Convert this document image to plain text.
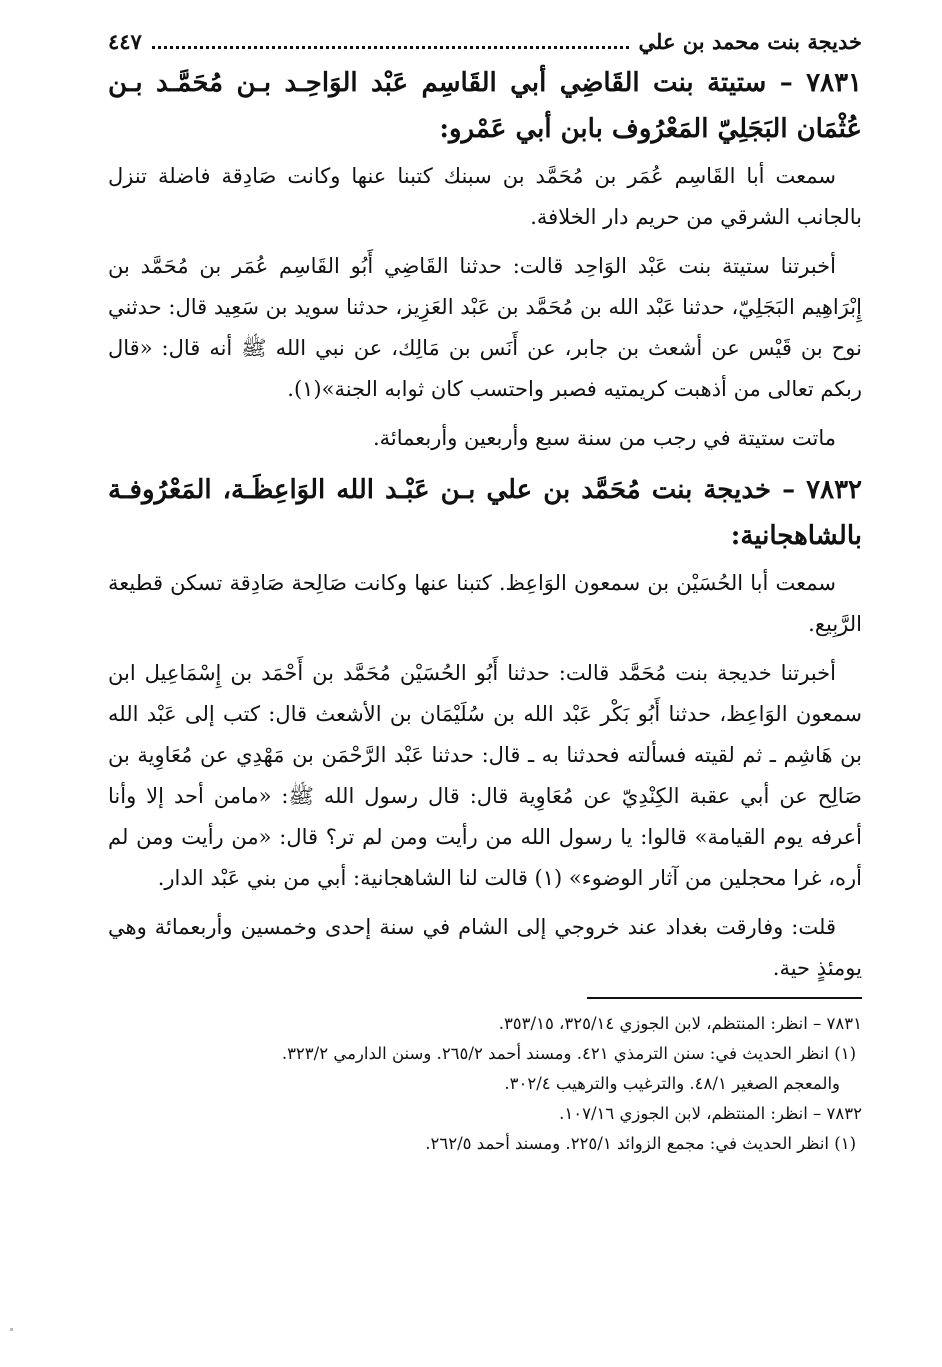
خديجة بنت محمد بن علي
٤٤٧
٧٨٣١ – ستيتة بنت القَاضِي أبي القَاسِم عَبْد الوَاحِـد بـن مُحَمَّـد بـن عُثْمَان البَجَلِيّ المَعْرُوف بابن أبي عَمْرو:

سمعت أبا القَاسِم عُمَر بن مُحَمَّد بن سبنك كتبنا عنها وكانت صَادِقة فاضلة تنزل بالجانب الشرقي من حريم دار الخلافة.

أخبرتنا ستيتة بنت عَبْد الوَاحِد قالت: حدثنا القَاضِي أَبُو القَاسِم عُمَر بن مُحَمَّد بن إِبْرَاهِيم البَجَلِيّ، حدثنا عَبْد الله بن مُحَمَّد بن عَبْد العَزِيز، حدثنا سويد بن سَعِيد قال: حدثني نوح بن قَيْس عن أشعث بن جابر، عن أَنَس بن مَالِك، عن نبي الله ﷺ أنه قال: «قال ربكم تعالى من أذهبت كريمتيه فصبر واحتسب كان ثوابه الجنة»(١).

ماتت ستيتة في رجب من سنة سبع وأربعين وأربعمائة.

٧٨٣٢ – خديجة بنت مُحَمَّد بن علي بـن عَبْـد الله الوَاعِظَـة، المَعْرُوفـة بالشاهجانية:

سمعت أبا الحُسَيْن بن سمعون الوَاعِظ. كتبنا عنها وكانت صَالِحة صَادِقة تسكن قطيعة الرَّبِيع.

أخبرتنا خديجة بنت مُحَمَّد قالت: حدثنا أَبُو الحُسَيْن مُحَمَّد بن أَحْمَد بن إِسْمَاعِيل ابن سمعون الوَاعِظ، حدثنا أَبُو بَكْر عَبْد الله بن سُلَيْمَان بن الأشعث قال: كتب إلى عَبْد الله بن هَاشِم ـ ثم لقيته فسألته فحدثنا به ـ قال: حدثنا عَبْد الرَّحْمَن بن مَهْدِي عن مُعَاوِية بن صَالِح عن أبي عقبة الكِنْدِيّ عن مُعَاوِية قال: قال رسول الله ﷺ: «مامن أحد إلا وأنا أعرفه يوم القيامة» قالوا: يا رسول الله من رأيت ومن لم تر؟ قال: «من رأيت ومن لم أره، غرا محجلين من آثار الوضوء» (١) قالت لنا الشاهجانية: أبي من بني عَبْد الدار.

قلت: وفارقت بغداد عند خروجي إلى الشام في سنة إحدى وخمسين وأربعمائة وهي يومئذٍ حية.

٧٨٣١ – انظر: المنتظم، لابن الجوزي ٣٢٥/١٤، ٣٥٣/١٥.

(١) انظر الحديث في: سنن الترمذي ٤٢١. ومسند أحمد ٢٦٥/٢. وسنن الدارمي ٣٢٣/٢.

والمعجم الصغير ٤٨/١. والترغيب والترهيب ٣٠٢/٤.

٧٨٣٢ – انظر: المنتظم، لابن الجوزي ١٠٧/١٦.

(١) انظر الحديث في: مجمع الزوائد ٢٢٥/١. ومسند أحمد ٢٦٢/٥.
